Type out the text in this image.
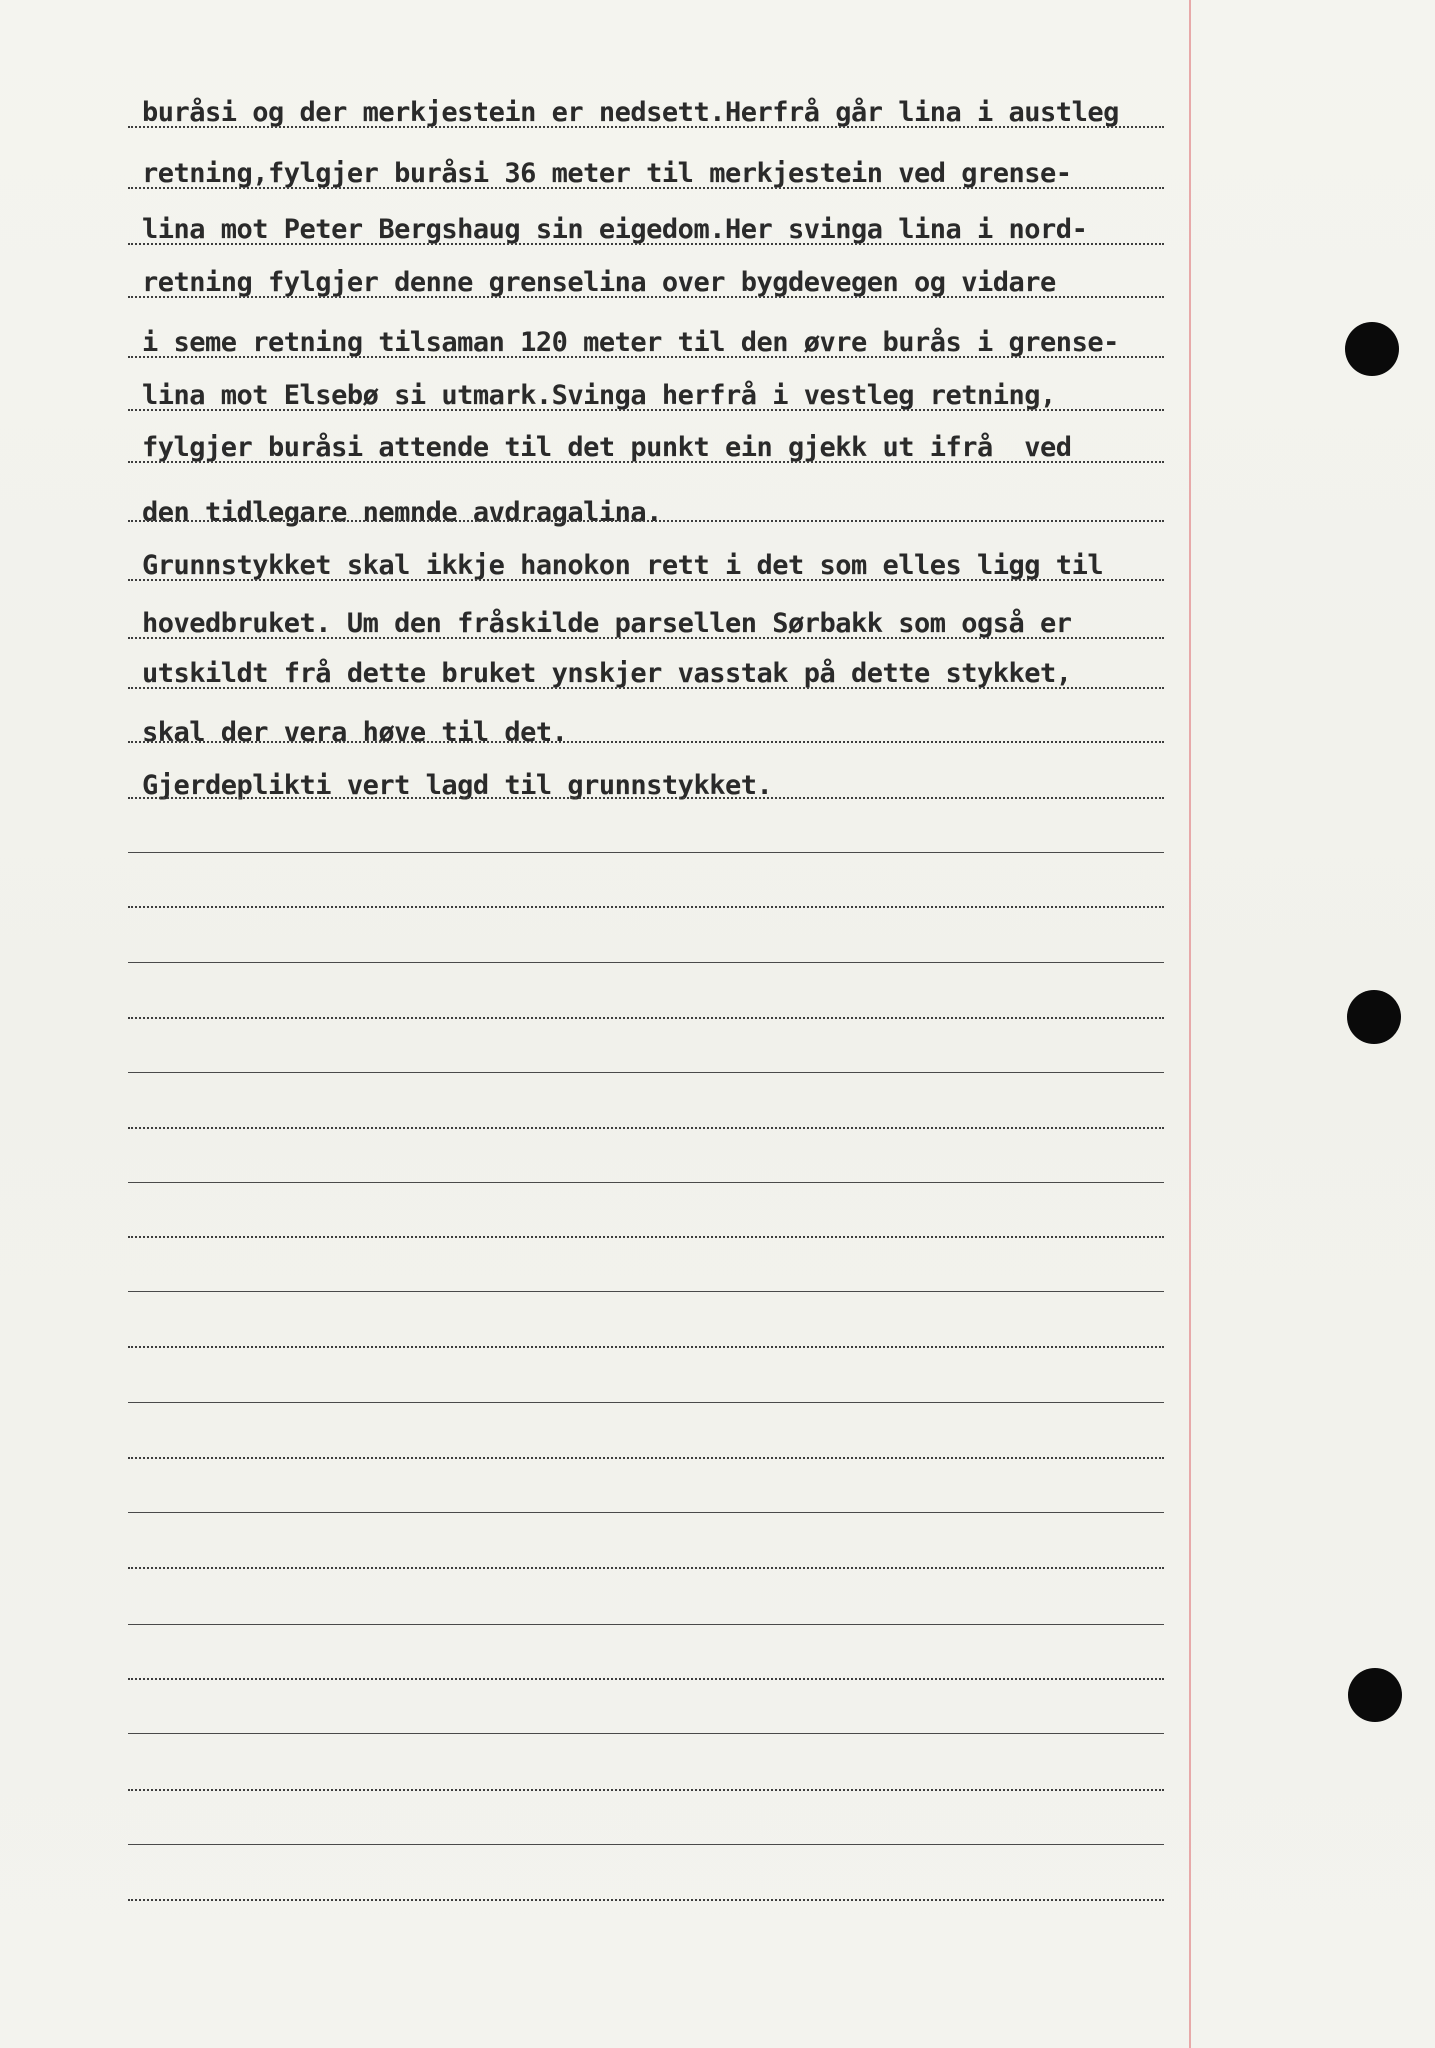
buråsi og der merkjestein er nedsett.Herfrå går lina i austleg
retning,fylgjer buråsi 36 meter til merkjestein ved grense-
lina mot Peter Bergshaug sin eigedom.Her svinga lina i nord-
retning fylgjer denne grenselina over bygdevegen og vidare
i seme retning tilsaman 120 meter til den øvre burås i grense-
lina mot Elsebø si utmark.Svinga herfrå i vestleg retning,
fylgjer buråsi attende til det punkt ein gjekk ut ifrå  ved
den tidlegare nemnde avdragalina.
Grunnstykket skal ikkje hanokon rett i det som elles ligg til
hovedbruket. Um den fråskilde parsellen Sørbakk som også er
utskildt frå dette bruket ynskjer vasstak på dette stykket,
skal der vera høve til det.
Gjerdeplikti vert lagd til grunnstykket.
